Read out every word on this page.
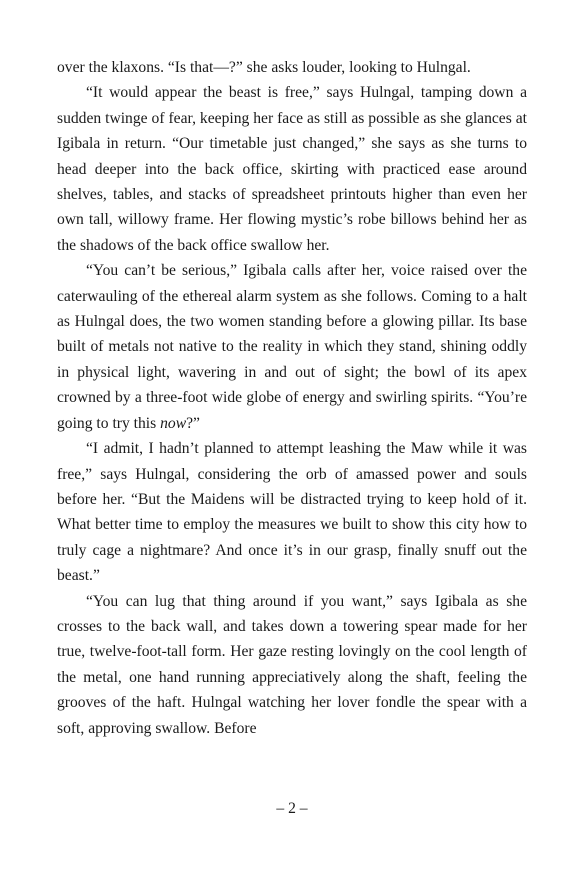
over the klaxons. “Is that—?” she asks louder, looking to Hulngal.

“It would appear the beast is free,” says Hulngal, tamping down a sudden twinge of fear, keeping her face as still as possible as she glances at Igibala in return. “Our timetable just changed,” she says as she turns to head deeper into the back office, skirting with practiced ease around shelves, tables, and stacks of spreadsheet printouts higher than even her own tall, willowy frame. Her flowing mystic’s robe billows behind her as the shadows of the back office swallow her.

“You can’t be serious,” Igibala calls after her, voice raised over the caterwauling of the ethereal alarm system as she follows. Coming to a halt as Hulngal does, the two women standing before a glowing pillar. Its base built of metals not native to the reality in which they stand, shining oddly in physical light, wavering in and out of sight; the bowl of its apex crowned by a three-foot wide globe of energy and swirling spirits. “You’re going to try this now?”

“I admit, I hadn’t planned to attempt leashing the Maw while it was free,” says Hulngal, considering the orb of amassed power and souls before her. “But the Maidens will be distracted trying to keep hold of it. What better time to employ the measures we built to show this city how to truly cage a nightmare? And once it’s in our grasp, finally snuff out the beast.”

“You can lug that thing around if you want,” says Igibala as she crosses to the back wall, and takes down a towering spear made for her true, twelve-foot-tall form. Her gaze resting lovingly on the cool length of the metal, one hand running appreciatively along the shaft, feeling the grooves of the haft. Hulngal watching her lover fondle the spear with a soft, approving swallow. Before

– 2 –
